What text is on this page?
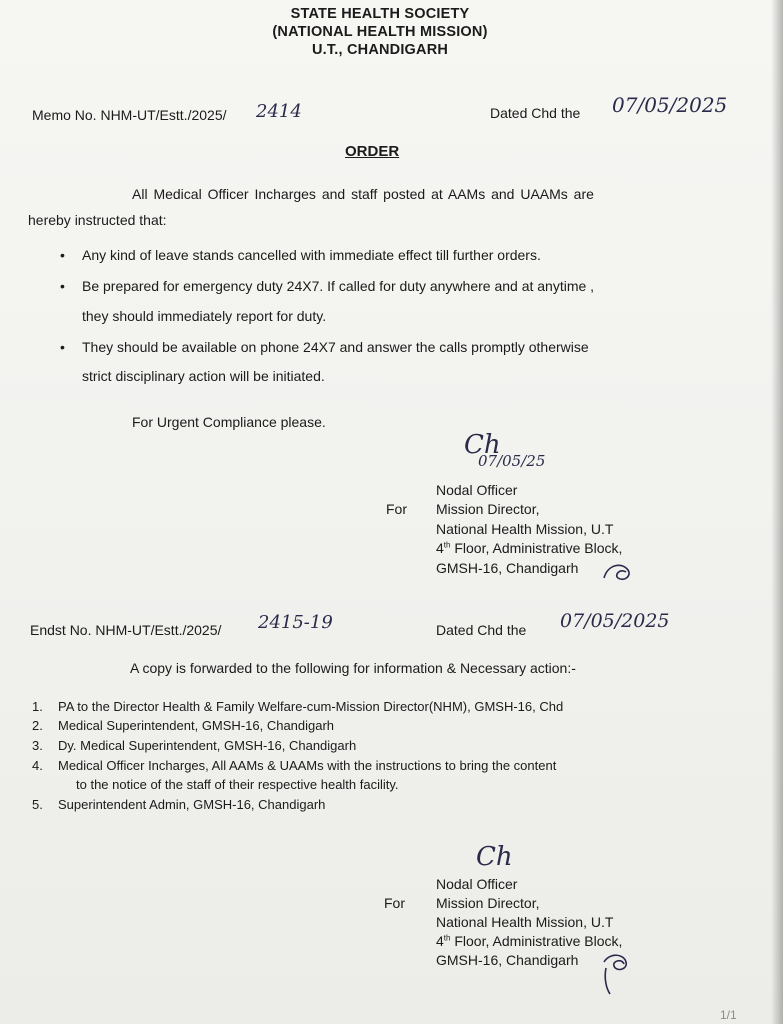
STATE HEALTH SOCIETY
(NATIONAL HEALTH MISSION)
U.T., CHANDIGARH
Memo No. NHM-UT/Estt./2025/ 2414	Dated Chd the 07/05/2025
ORDER
All Medical Officer Incharges and staff posted at AAMs and UAAMs are
hereby instructed that:
• Any kind of leave stands cancelled with immediate effect till further orders.
• Be prepared for emergency duty 24X7. If called for duty anywhere and at anytime ,
they should immediately report for duty.
• They should be available on phone 24X7 and answer the calls promptly otherwise
strict disciplinary action will be initiated.
For Urgent Compliance please.
Ch
07/05/25
Nodal Officer
For Mission Director,
National Health Mission, U.T
4th Floor, Administrative Block,
GMSH-16, Chandigarh
Endst No. NHM-UT/Estt./2025/ 2415-19	Dated Chd the 07/05/2025
A copy is forwarded to the following for information & Necessary action:-
1. PA to the Director Health & Family Welfare-cum-Mission Director(NHM), GMSH-16, Chd
2. Medical Superintendent, GMSH-16, Chandigarh
3. Dy. Medical Superintendent, GMSH-16, Chandigarh
4. Medical Officer Incharges, All AAMs & UAAMs with the instructions to bring the content
to the notice of the staff of their respective health facility.
5. Superintendent Admin, GMSH-16, Chandigarh
Ch
Nodal Officer
For Mission Director,
National Health Mission, U.T
4th Floor, Administrative Block,
GMSH-16, Chandigarh
1/1
